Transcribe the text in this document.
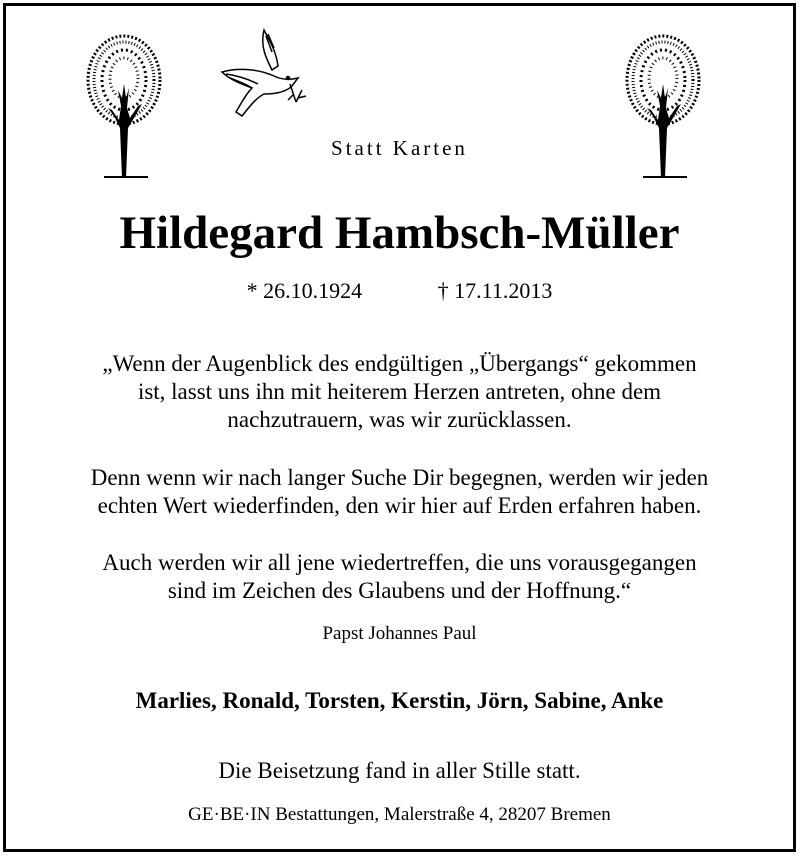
Statt Karten
Hildegard Hambsch-Müller
* 26.10.1924	† 17.11.2013
„Wenn der Augenblick des endgültigen „Übergangs“ gekommen
ist, lasst uns ihn mit heiterem Herzen antreten, ohne dem
nachzutrauern, was wir zurücklassen.
Denn wenn wir nach langer Suche Dir begegnen, werden wir jeden
echten Wert wiederfinden, den wir hier auf Erden erfahren haben.
Auch werden wir all jene wiedertreffen, die uns vorausgegangen
sind im Zeichen des Glaubens und der Hoffnung.“
Papst Johannes Paul
Marlies, Ronald, Torsten, Kerstin, Jörn, Sabine, Anke
Die Beisetzung fand in aller Stille statt.
GE·BE·IN Bestattungen, Malerstraße 4, 28207 Bremen
